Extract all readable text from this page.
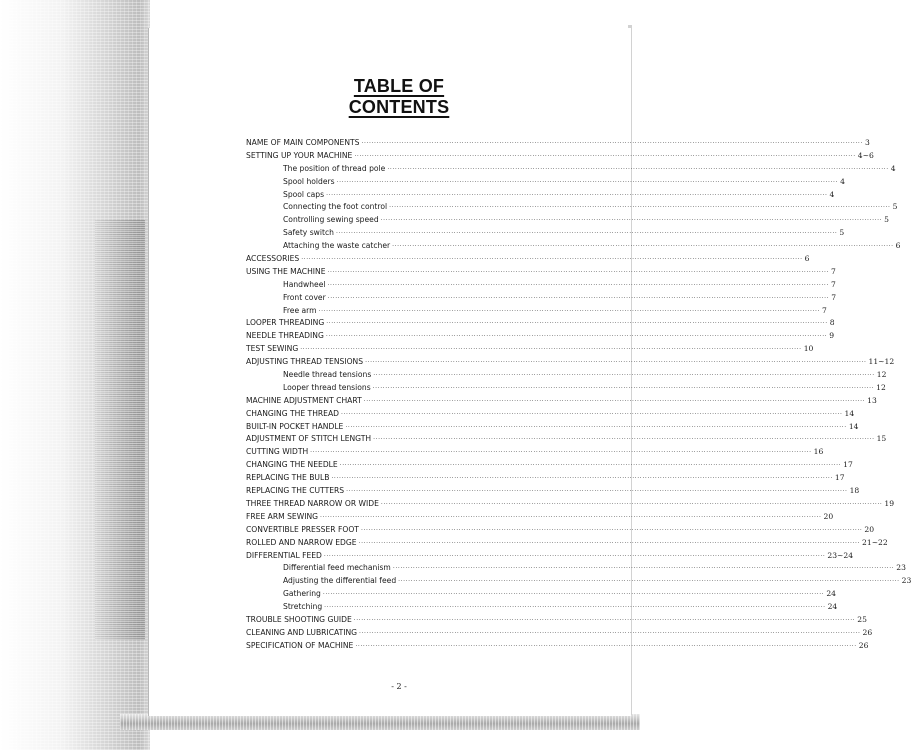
TABLE OF CONTENTS
NAME OF MAIN COMPONENTS ········································································································································································································ 3
SETTING UP YOUR MACHINE ········································································································································································································ 4~6
The position of thread pole ········································································································································································································ 4
Spool holders ········································································································································································································ 4
Spool caps ········································································································································································································ 4
Connecting the foot control ········································································································································································································ 5
Controlling sewing speed ········································································································································································································ 5
Safety switch ········································································································································································································ 5
Attaching the waste catcher ········································································································································································································ 6
ACCESSORIES ········································································································································································································ 6
USING THE MACHINE ········································································································································································································ 7
Handwheel ········································································································································································································ 7
Front cover ········································································································································································································ 7
Free arm ········································································································································································································ 7
LOOPER THREADING ········································································································································································································ 8
NEEDLE THREADING ········································································································································································································ 9
TEST SEWING ········································································································································································································ 10
ADJUSTING THREAD TENSIONS ········································································································································································································ 11~12
Needle thread tensions ········································································································································································································ 12
Looper thread tensions ········································································································································································································ 12
MACHINE ADJUSTMENT CHART ········································································································································································································ 13
CHANGING THE THREAD ········································································································································································································ 14
BUILT-IN POCKET HANDLE ········································································································································································································ 14
ADJUSTMENT OF STITCH LENGTH ········································································································································································································ 15
CUTTING WIDTH ········································································································································································································ 16
CHANGING THE NEEDLE ········································································································································································································ 17
REPLACING THE BULB ········································································································································································································ 17
REPLACING THE CUTTERS ········································································································································································································ 18
THREE THREAD NARROW OR WIDE ········································································································································································································ 19
FREE ARM SEWING ········································································································································································································ 20
CONVERTIBLE PRESSER FOOT ········································································································································································································ 20
ROLLED AND NARROW EDGE ········································································································································································································ 21~22
DIFFERENTIAL FEED ········································································································································································································ 23~24
Differential feed mechanism ········································································································································································································ 23
Adjusting the differential feed ········································································································································································································ 23
Gathering ········································································································································································································ 24
Stretching ········································································································································································································ 24
TROUBLE SHOOTING GUIDE ········································································································································································································ 25
CLEANING AND LUBRICATING ········································································································································································································ 26
SPECIFICATION OF MACHINE ········································································································································································································ 26
- 2 -
